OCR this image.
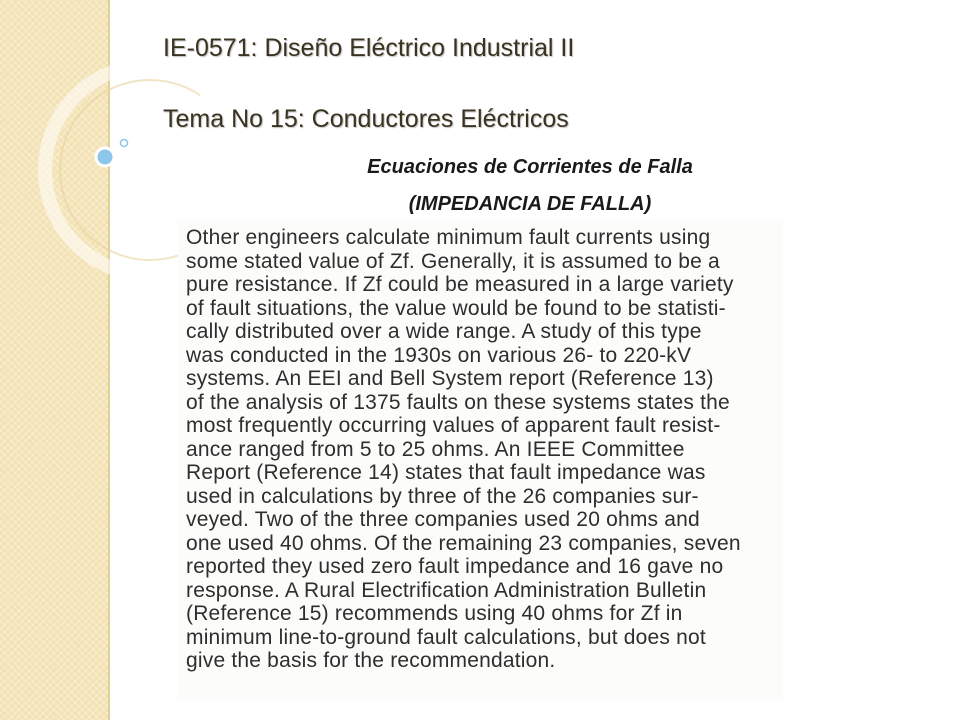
IE-0571: Diseño Eléctrico Industrial II
Tema No 15: Conductores Eléctricos
Ecuaciones de Corrientes de Falla
(IMPEDANCIA DE FALLA)

Other engineers calculate minimum fault currents using

some stated value of Zf. Generally, it is assumed to be a

pure resistance. If Zf could be measured in a large variety

of fault situations, the value would be found to be statisti-

cally distributed over a wide range. A study of this type

was conducted in the 1930s on various 26- to 220-kV

systems. An EEI and Bell System report (Reference 13)

of the analysis of 1375 faults on these systems states the

most frequently occurring values of apparent fault resist-

ance ranged from 5 to 25 ohms. An IEEE Committee

Report (Reference 14) states that fault impedance was

used in calculations by three of the 26 companies sur-

veyed. Two of the three companies used 20 ohms and

one used 40 ohms. Of the remaining 23 companies, seven

reported they used zero fault impedance and 16 gave no

response. A Rural Electrification Administration Bulletin

(Reference 15) recommends using 40 ohms for Zf in

minimum line-to-ground fault calculations, but does not

give the basis for the recommendation.
